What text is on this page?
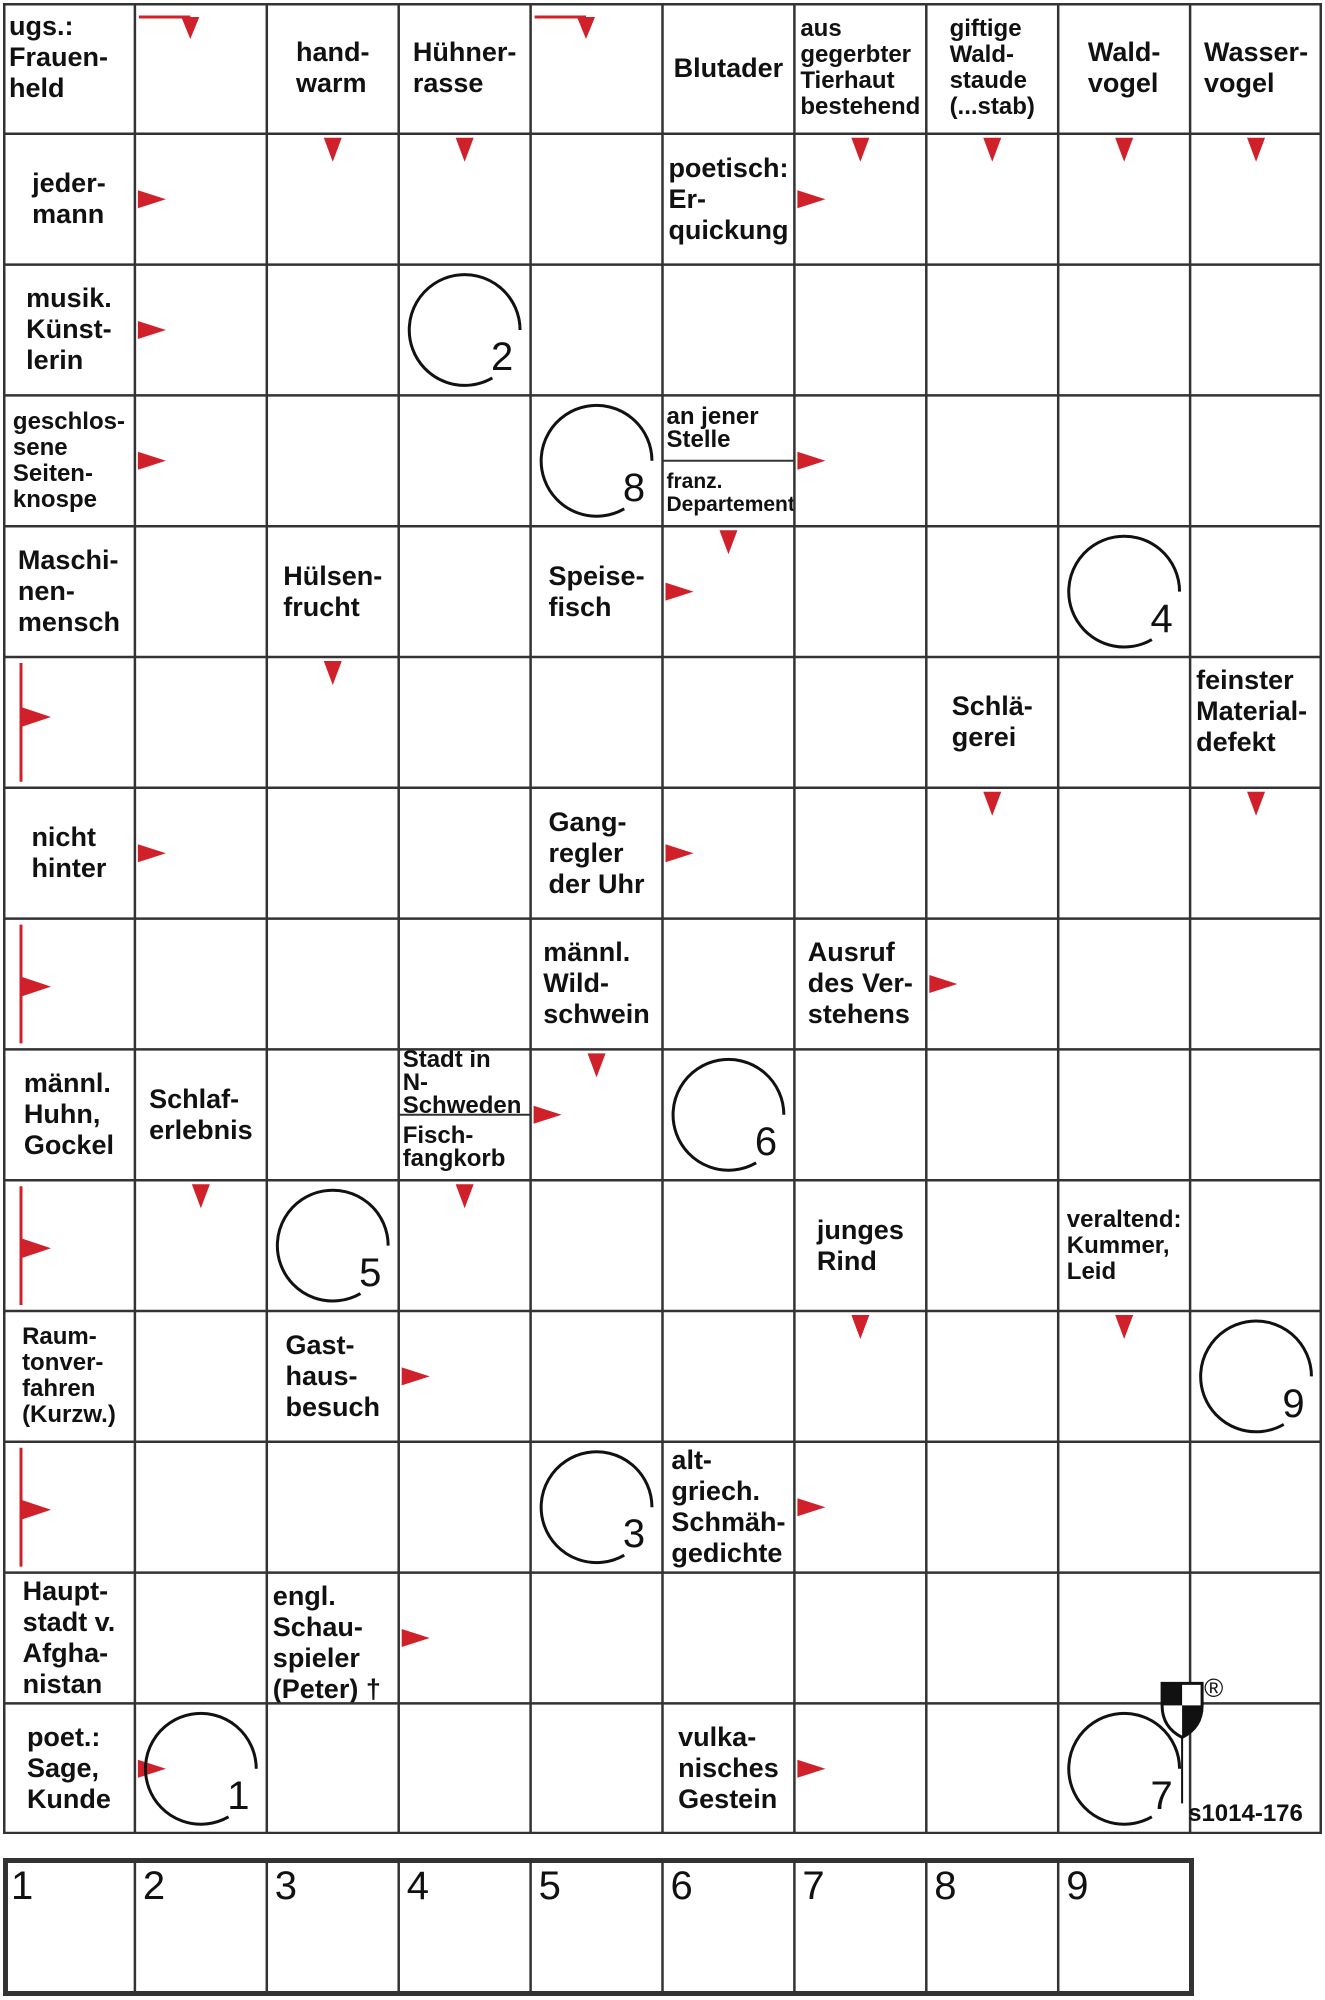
ugs.:
Frauen-
held
hand-
warm
Hühner-
rasse
Blutader
aus
gegerbter
Tierhaut
bestehend
giftige
Wald-
staude
(...stab)
Wald-
vogel
Wasser-
vogel
jeder-
mann
poetisch:
Er-
quickung
musik.
Künst-
lerin
geschlos-
sene
Seiten-
knospe
Maschi-
nen-
mensch
Hülsen-
frucht
Speise-
fisch
Schlä-
gerei
feinster
Material-
defekt
nicht
hinter
Gang-
regler
der Uhr
männl.
Wild-
schwein
Ausruf
des Ver-
stehens
männl.
Huhn,
Gockel
Schlaf-
erlebnis
junges
Rind
veraltend:
Kummer,
Leid
Raum-
tonver-
fahren
(Kurzw.)
Gast-
haus-
besuch
alt-
griech.
Schmäh-
gedichte
Haupt-
stadt v.
Afgha-
nistan
engl.
Schau-
spieler
(Peter) †
poet.:
Sage,
Kunde
vulka-
nisches
Gestein
an jener
Stelle
franz.
Departement
Stadt in
N-Schweden
Fisch-
fangkorb
1
2
3
4
5
6
7
8
9
®
s1014-176
1	2	3	4	5	6	7	8	9
